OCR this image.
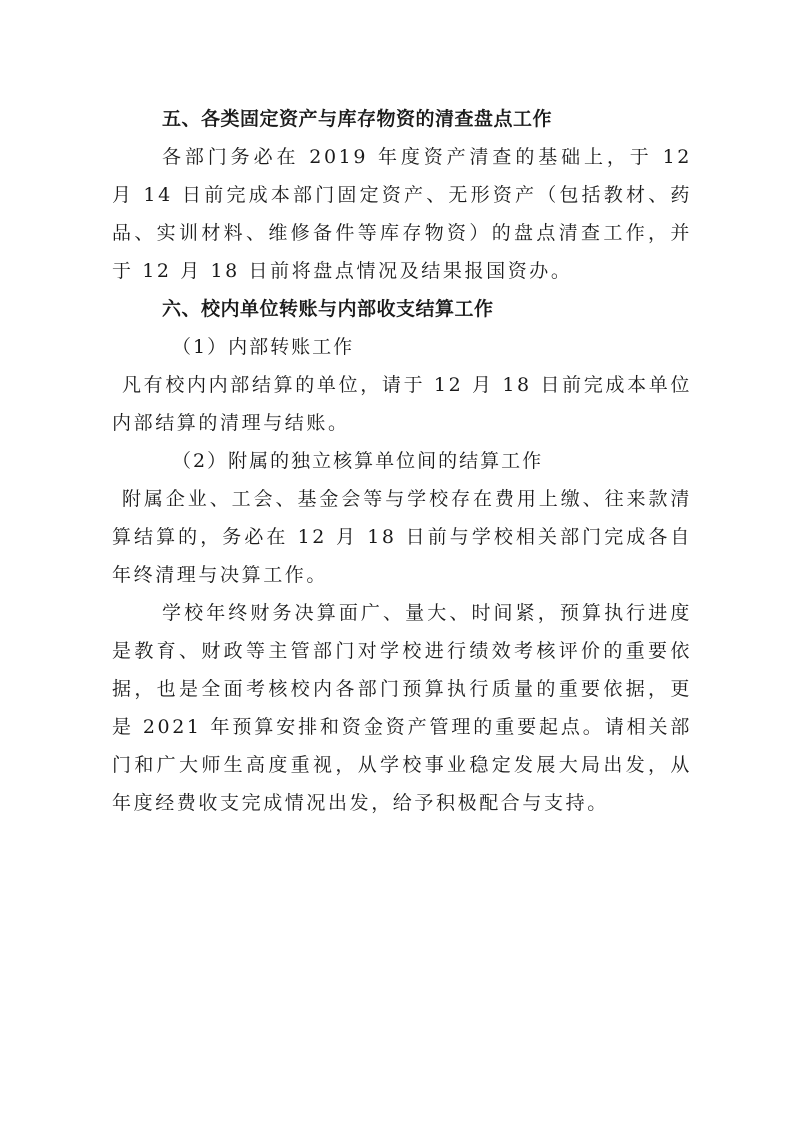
五、各类固定资产与库存物资的清查盘点工作

各部门务必在 2019 年度资产清查的基础上，于 12 月 14 日前完成本部门固定资产、无形资产（包括教材、药品、实训材料、维修备件等库存物资）的盘点清查工作，并于 12 月 18 日前将盘点情况及结果报国资办。

六、校内单位转账与内部收支结算工作

（1）内部转账工作

凡有校内内部结算的单位，请于 12 月 18 日前完成本单位内部结算的清理与结账。

（2）附属的独立核算单位间的结算工作

附属企业、工会、基金会等与学校存在费用上缴、往来款清算结算的，务必在 12 月 18 日前与学校相关部门完成各自年终清理与决算工作。

学校年终财务决算面广、量大、时间紧，预算执行进度是教育、财政等主管部门对学校进行绩效考核评价的重要依据，也是全面考核校内各部门预算执行质量的重要依据，更是 2021 年预算安排和资金资产管理的重要起点。请相关部门和广大师生高度重视，从学校事业稳定发展大局出发，从年度经费收支完成情况出发，给予积极配合与支持。
